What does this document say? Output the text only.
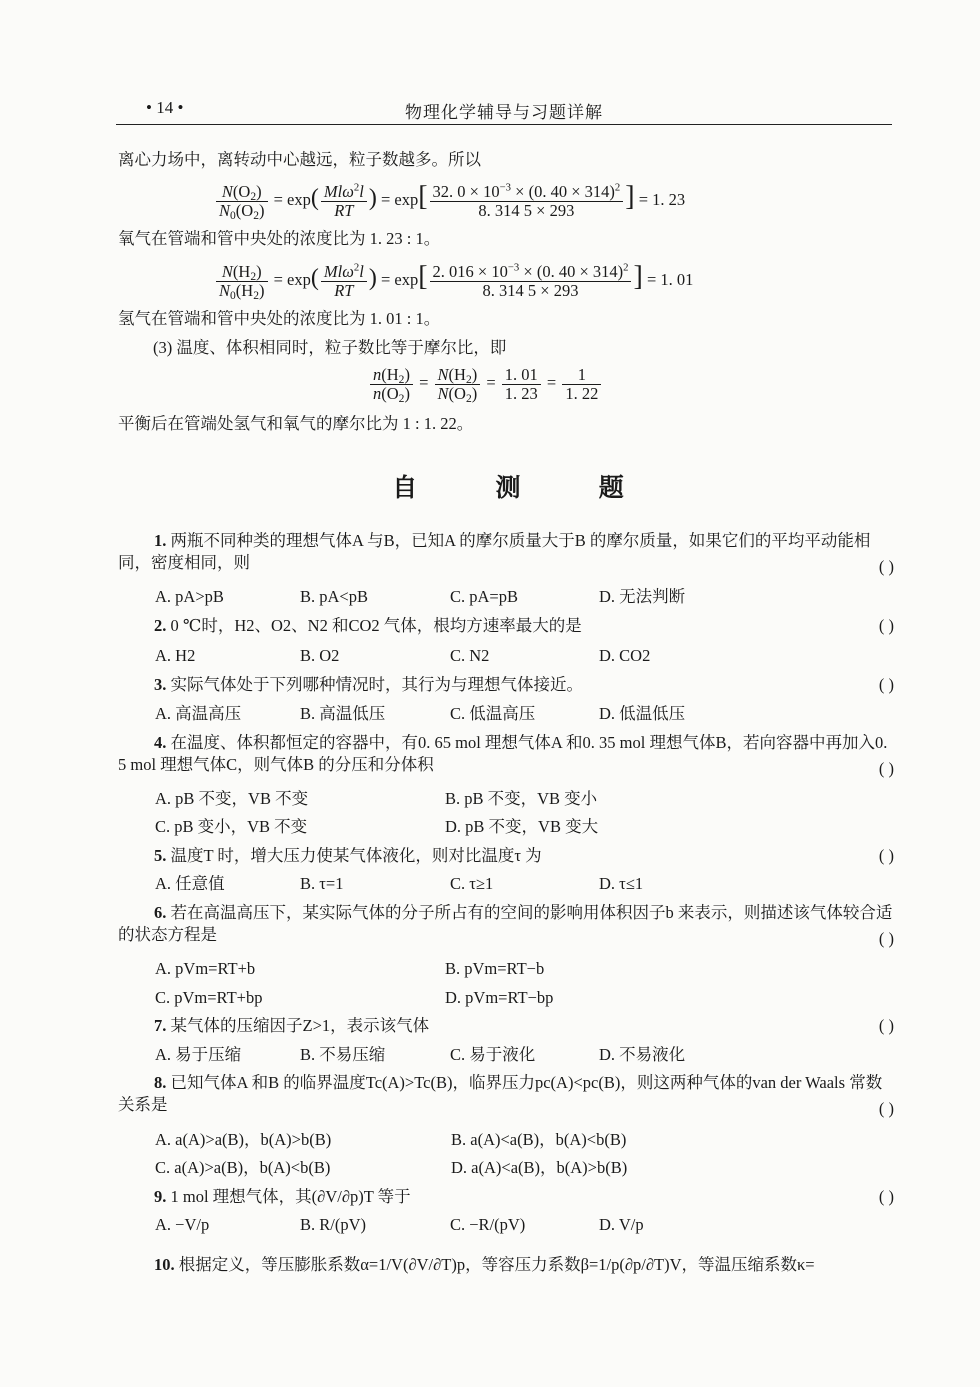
• 14 •	物理化学辅导与习题详解
离心力场中，离转动中心越远，粒子数越多。所以
$\frac{N(O_2)}{N_0(O_2)} = \exp( \frac{Ml\omega^2l}{RT}$ ) = $\exp[ \frac{32. 0 \times 10^{-3} \times (0. 40 \times 314)^2}{8. 314 5 \times 293}$ ] = 1. 23
氧气在管端和管中央处的浓度比为 1. 23 : 1。
$\frac{N(H_2)}{N_0(H_2)} = \exp( \frac{Ml\omega^2l}{RT}$ ) = $\exp[ \frac{2. 016 \times 10^{-3} \times (0. 40 \times 314)^2}{8. 314 5 \times 293}$ ] = 1. 01
氢气在管端和管中央处的浓度比为 1. 01 : 1。
(3) 温度、体积相同时，粒子数比等于摩尔比，即
$\frac{n(H_2)}{n(O_2)} = \frac{N(H_2)}{N(O_2)} = \frac{1. 01}{1. 23} = \frac{1}{1. 22}$
平衡后在管端处氢气和氧气的摩尔比为 1 : 1. 22。
自 测 题
1. 两瓶不同种类的理想气体A 与B，已知A 的摩尔质量大于B 的摩尔质量，如果它们的平均平动能相同，密度相同，则	( )
A. pA>pB	B. pA<pB	C. pA=pB	D. 无法判断
2. 0 ℃时，H2、O2、N2 和CO2 气体，根均方速率最大的是	( )
A. H2	B. O2	C. N2	D. CO2
3. 实际气体处于下列哪种情况时，其行为与理想气体接近。	( )
A. 高温高压	B. 高温低压	C. 低温高压	D. 低温低压
4. 在温度、体积都恒定的容器中，有0. 65 mol 理想气体A 和0. 35 mol 理想气体B，若向容器中再加入0. 5 mol 理想气体C，则气体B 的分压和分体积	( )
A. pB 不变，VB 不变	B. pB 不变，VB 变小
C. pB 变小，VB 不变	D. pB 不变，VB 变大
5. 温度T 时，增大压力使某气体液化，则对比温度τ 为	( )
A. 任意值	B. τ=1	C. τ≥1	D. τ≤1
6. 若在高温高压下，某实际气体的分子所占有的空间的影响用体积因子b 来表示，则描述该气体较合适的状态方程是	( )
A. pVm=RT+b	B. pVm=RT−b
C. pVm=RT+bp	D. pVm=RT−bp
7. 某气体的压缩因子Z>1，表示该气体	( )
A. 易于压缩	B. 不易压缩	C. 易于液化	D. 不易液化
8. 已知气体A 和B 的临界温度Tc(A)>Tc(B)，临界压力pc(A)<pc(B)，则这两种气体的van der Waals 常数关系是	( )
A. a(A)>a(B)，b(A)>b(B)	B. a(A)<a(B)，b(A)<b(B)
C. a(A)>a(B)，b(A)<b(B)	D. a(A)<a(B)，b(A)>b(B)
9. 1 mol 理想气体，其(∂V/∂p)T 等于	( )
A. −V/p	B. R/(pV)	C. −R/(pV)	D. V/p
10. 根据定义，等压膨胀系数α=1/V(∂V/∂T)p，等容压力系数β=1/p(∂p/∂T)V，等温压缩系数κ=
